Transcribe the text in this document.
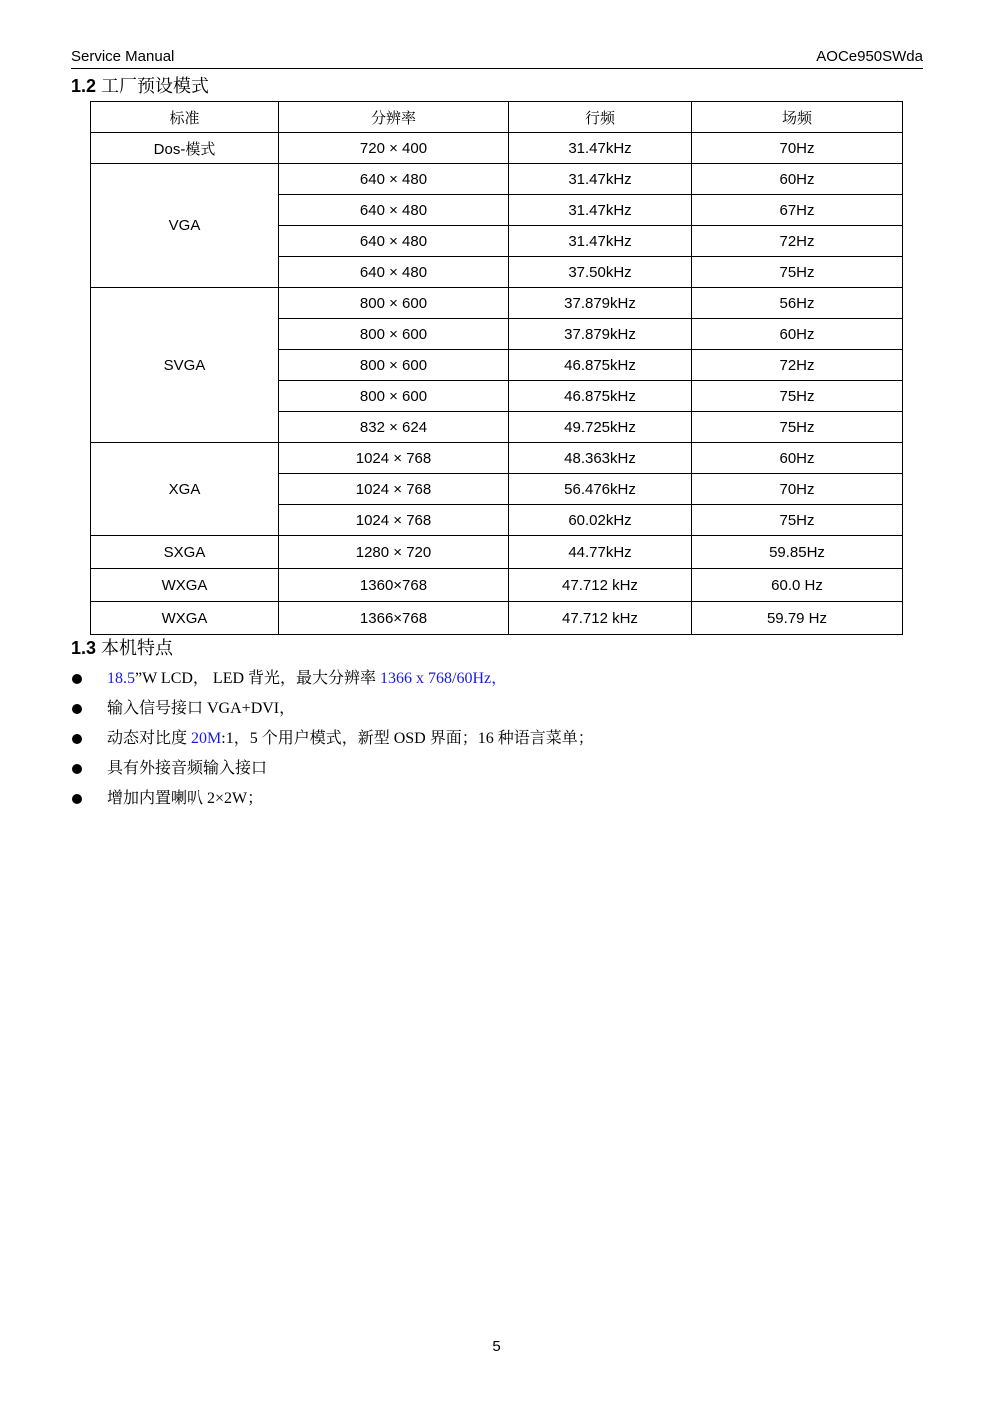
Service Manual	AOCe950SWda
1.2 工厂预设模式
标准	分辨率	行频	场频
Dos-模式	720 × 400	31.47kHz	70Hz
VGA	640 × 480	31.47kHz	60Hz
	640 × 480	31.47kHz	67Hz
	640 × 480	31.47kHz	72Hz
	640 × 480	37.50kHz	75Hz
SVGA	800 × 600	37.879kHz	56Hz
	800 × 600	37.879kHz	60Hz
	800 × 600	46.875kHz	72Hz
	800 × 600	46.875kHz	75Hz
	832 × 624	49.725kHz	75Hz
XGA	1024 × 768	48.363kHz	60Hz
	1024 × 768	56.476kHz	70Hz
	1024 × 768	60.02kHz	75Hz
SXGA	1280 × 720	44.77kHz	59.85Hz
WXGA	1360×768	47.712 kHz	60.0 Hz
WXGA	1366×768	47.712 kHz	59.79 Hz
1.3 本机特点
18.5”W LCD， LED 背光，最大分辨率 1366 x 768/60Hz，
输入信号接口 VGA+DVI，
动态对比度 20M:1，5 个用户模式，新型 OSD 界面；16 种语言菜单；
具有外接音频输入接口
增加内置喇叭 2×2W；
5
